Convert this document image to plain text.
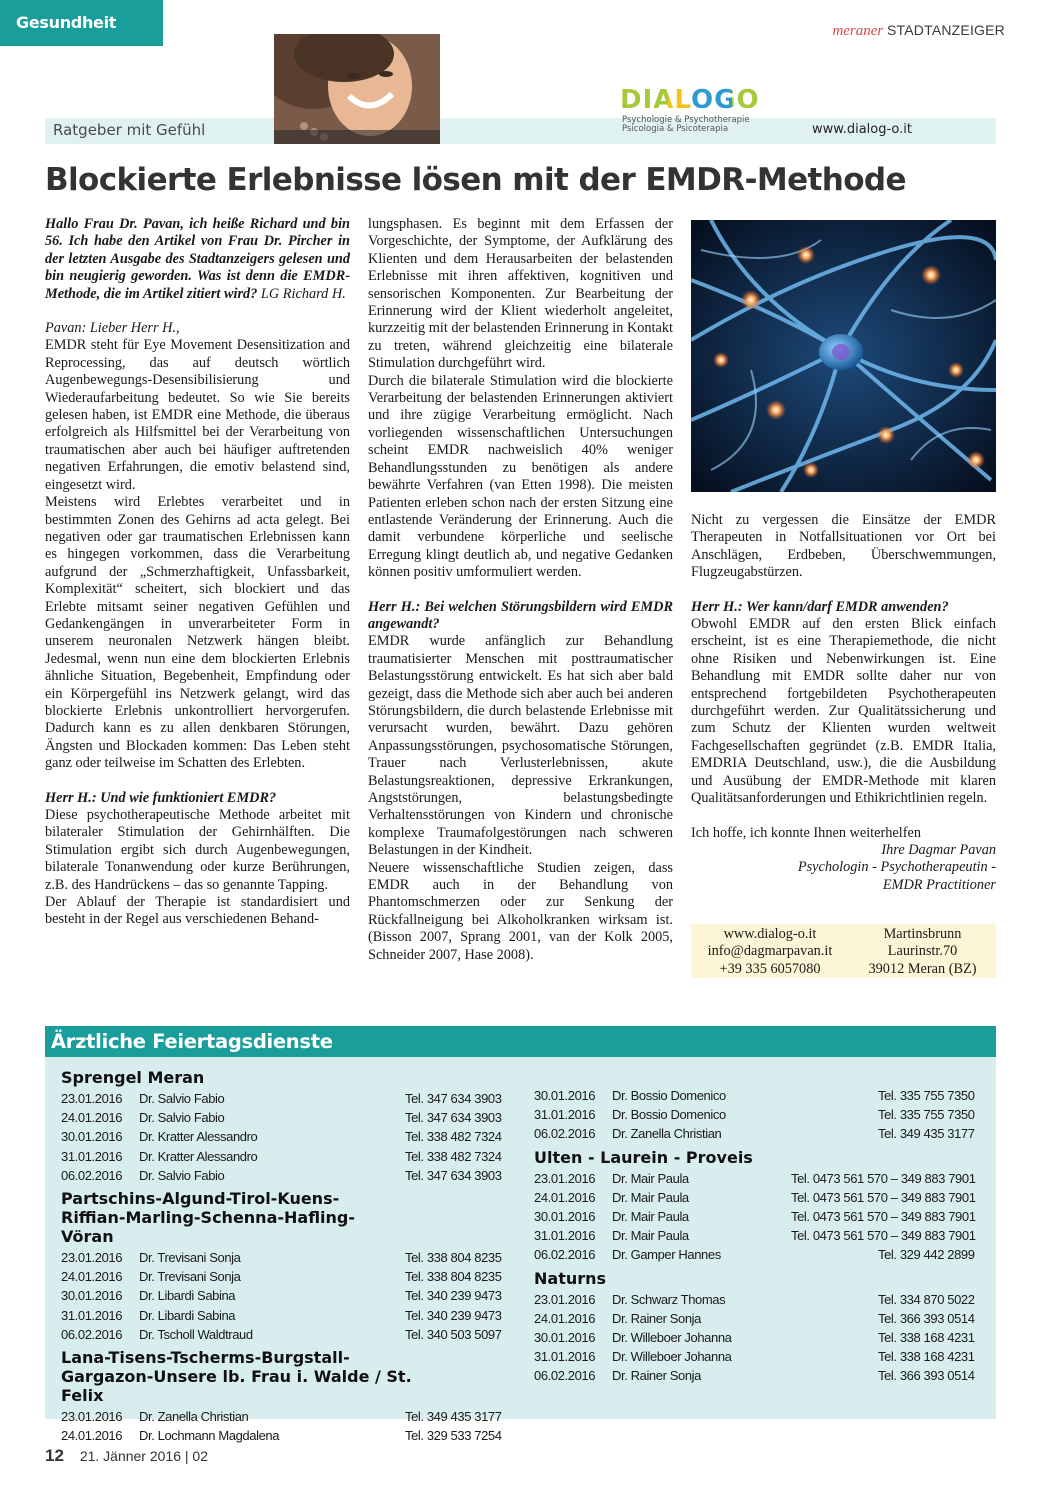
Gesundheit	meraner STADTANZEIGER
Ratgeber mit Gefühl	www.dialog-o.it
DIALOGO
Psychologie & Psychotherapie
Psicologia & Psicoterapia
Blockierte Erlebnisse lösen mit der EMDR-Methode

Hallo Frau Dr. Pavan, ich heiße Richard und bin 56. Ich habe den Artikel von Frau Dr. Pircher in der letzten Ausgabe des Stadtanzeigers gelesen und bin neugierig geworden. Was ist denn die EMDR-Methode, die im Artikel zitiert wird? LG Richard H.

Pavan: Lieber Herr H.,

EMDR steht für Eye Movement Desensitization and Reprocessing, das auf deutsch wörtlich Augenbewegungs-Desensibilisierung und Wiederaufarbeitung bedeutet. So wie Sie bereits gelesen haben, ist EMDR eine Methode, die überaus erfolgreich als Hilfsmittel bei der Verarbeitung von traumatischen aber auch bei häufiger auftretenden negativen Erfahrungen, die emotiv belastend sind, eingesetzt wird.

Meistens wird Erlebtes verarbeitet und in bestimmten Zonen des Gehirns ad acta gelegt. Bei negativen oder gar traumatischen Erlebnissen kann es hingegen vorkommen, dass die Verarbeitung aufgrund der „Schmerzhaftigkeit, Unfassbarkeit, Komplexität“ scheitert, sich blockiert und das Erlebte mitsamt seiner negativen Gefühlen und Gedankengängen in unverarbeiteter Form in unserem neuronalen Netzwerk hängen bleibt. Jedesmal, wenn nun eine dem blockierten Erlebnis ähnliche Situation, Begebenheit, Empfindung oder ein Körpergefühl ins Netzwerk gelangt, wird das blockierte Erlebnis unkontrolliert hervorgerufen. Dadurch kann es zu allen denkbaren Störungen, Ängsten und Blockaden kommen: Das Leben steht ganz oder teilweise im Schatten des Erlebten.

Herr H.: Und wie funktioniert EMDR?

Diese psychotherapeutische Methode arbeitet mit bilateraler Stimulation der Gehirnhälften. Die Stimulation ergibt sich durch Augenbewegungen, bilaterale Tonanwendung oder kurze Berührungen, z.B. des Handrückens – das so genannte Tapping.

Der Ablauf der Therapie ist standardisiert und besteht in der Regel aus verschiedenen Behand-

lungsphasen. Es beginnt mit dem Erfassen der Vorgeschichte, der Symptome, der Aufklärung des Klienten und dem Herausarbeiten der belastenden Erlebnisse mit ihren affektiven, kognitiven und sensorischen Komponenten. Zur Bearbeitung der Erinnerung wird der Klient wiederholt angeleitet, kurzzeitig mit der belastenden Erinnerung in Kontakt zu treten, während gleichzeitig eine bilaterale Stimulation durchgeführt wird.

Durch die bilaterale Stimulation wird die blockierte Verarbeitung der belastenden Erinnerungen aktiviert und ihre zügige Verarbeitung ermöglicht. Nach vorliegenden wissenschaftlichen Untersuchungen scheint EMDR nachweislich 40% weniger Behandlungsstunden zu benötigen als andere bewährte Verfahren (van Etten 1998). Die meisten Patienten erleben schon nach der ersten Sitzung eine entlastende Veränderung der Erinnerung. Auch die damit verbundene körperliche und seelische Erregung klingt deutlich ab, und negative Gedanken können positiv umformuliert werden.

Herr H.: Bei welchen Störungsbildern wird EMDR angewandt?

EMDR wurde anfänglich zur Behandlung traumatisierter Menschen mit posttraumatischer Belastungsstörung entwickelt. Es hat sich aber bald gezeigt, dass die Methode sich aber auch bei anderen Störungsbildern, die durch belastende Erlebnisse mit verursacht wurden, bewährt. Dazu gehören Anpassungsstörungen, psychosomatische Störungen, Trauer nach Verlusterlebnissen, akute Belastungsreaktionen, depressive Erkrankungen, Angststörungen, belastungsbedingte Verhaltensstörungen von Kindern und chronische komplexe Traumafolgestörungen nach schweren Belastungen in der Kindheit.

Neuere wissenschaftliche Studien zeigen, dass EMDR auch in der Behandlung von Phantomschmerzen oder zur Senkung der Rückfallneigung bei Alkoholkranken wirksam ist. (Bisson 2007, Sprang 2001, van der Kolk 2005, Schneider 2007, Hase 2008).

Nicht zu vergessen die Einsätze der EMDR Therapeuten in Notfallsituationen vor Ort bei Anschlägen, Erdbeben, Überschwemmungen, Flugzeugabstürzen.

Herr H.: Wer kann/darf EMDR anwenden?

Obwohl EMDR auf den ersten Blick einfach erscheint, ist es eine Therapiemethode, die nicht ohne Risiken und Nebenwirkungen ist. Eine Behandlung mit EMDR sollte daher nur von entsprechend fortgebildeten Psychotherapeuten durchgeführt werden. Zur Qualitätssicherung und zum Schutz der Klienten wurden weltweit Fachgesellschaften gegründet (z.B. EMDR Italia, EMDRIA Deutschland, usw.), die die Ausbildung und Ausübung der EMDR-Methode mit klaren Qualitätsanforderungen und Ethikrichtlinien regeln.

Ich hoffe, ich konnte Ihnen weiterhelfen

Ihre Dagmar Pavan

Psychologin - Psychotherapeutin -

EMDR Practitioner

www.dialog-o.it
info@dagmarpavan.it
+39 335 6057080
Martinsbrunn
Laurinstr.70
39012 Meran (BZ)
Ärztliche Feiertagsdienste
Sprengel Meran
23.01.2016 Dr. Salvio Fabio	Tel. 347 634 3903
24.01.2016 Dr. Salvio Fabio	Tel. 347 634 3903
30.01.2016 Dr. Kratter Alessandro	Tel. 338 482 7324
31.01.2016 Dr. Kratter Alessandro	Tel. 338 482 7324
06.02.2016 Dr. Salvio Fabio	Tel. 347 634 3903
Partschins-Algund-Tirol-Kuens-Riffian-Marling-Schenna-Hafling-Vöran
23.01.2016 Dr. Trevisani Sonja	Tel. 338 804 8235
24.01.2016 Dr. Trevisani Sonja	Tel. 338 804 8235
30.01.2016 Dr. Libardi Sabina	Tel. 340 239 9473
31.01.2016 Dr. Libardi Sabina	Tel. 340 239 9473
06.02.2016 Dr. Tscholl Waldtraud	Tel. 340 503 5097
Lana-Tisens-Tscherms-Burgstall-Gargazon-Unsere lb. Frau i. Walde / St. Felix
23.01.2016 Dr. Zanella Christian	Tel. 349 435 3177
24.01.2016 Dr. Lochmann Magdalena	Tel. 329 533 7254
30.01.2016 Dr. Bossio Domenico	Tel. 335 755 7350
31.01.2016 Dr. Bossio Domenico	Tel. 335 755 7350
06.02.2016 Dr. Zanella Christian	Tel. 349 435 3177
Ulten - Laurein - Proveis
23.01.2016 Dr. Mair Paula	Tel. 0473 561 570 – 349 883 7901
24.01.2016 Dr. Mair Paula	Tel. 0473 561 570 – 349 883 7901
30.01.2016 Dr. Mair Paula	Tel. 0473 561 570 – 349 883 7901
31.01.2016 Dr. Mair Paula	Tel. 0473 561 570 – 349 883 7901
06.02.2016 Dr. Gamper Hannes	Tel. 329 442 2899
Naturns
23.01.2016 Dr. Schwarz Thomas	Tel. 334 870 5022
24.01.2016 Dr. Rainer Sonja	Tel. 366 393 0514
30.01.2016 Dr. Willeboer Johanna	Tel. 338 168 4231
31.01.2016 Dr. Willeboer Johanna	Tel. 338 168 4231
06.02.2016 Dr. Rainer Sonja	Tel. 366 393 0514
12 21. Jänner 2016 | 02
